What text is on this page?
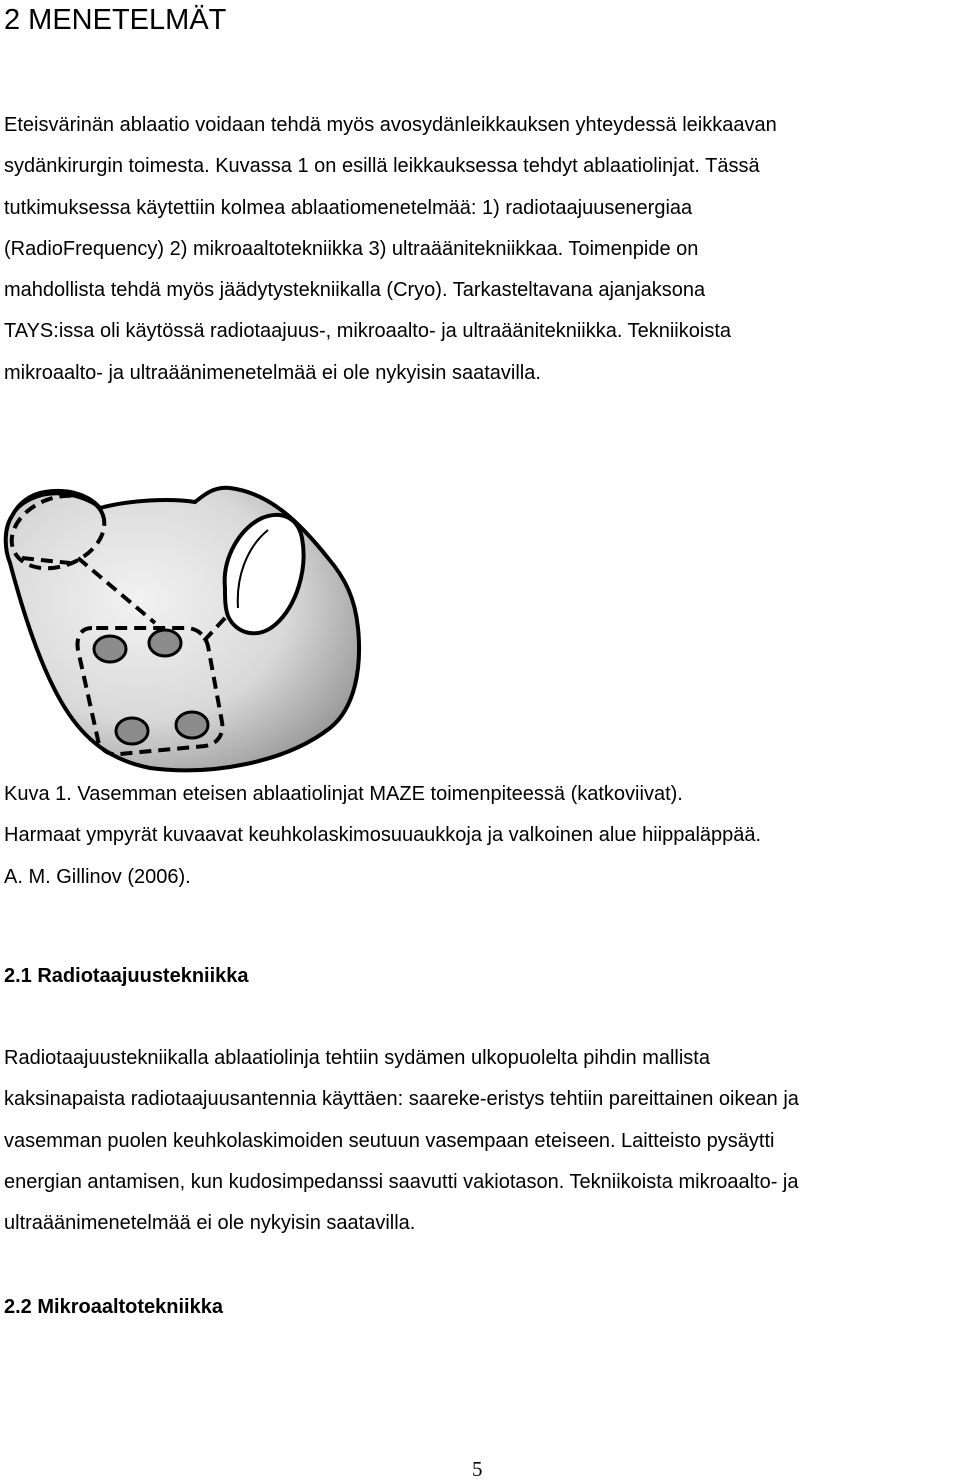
2 MENETELMÄT

Eteisvärinän ablaatio voidaan tehdä myös avosydänleikkauksen yhteydessä leikkaavan
sydänkirurgin toimesta. Kuvassa 1 on esillä leikkauksessa tehdyt ablaatiolinjat. Tässä
tutkimuksessa käytettiin kolmea ablaatiomenetelmää: 1) radiotaajuusenergiaa
(RadioFrequency) 2) mikroaaltotekniikka 3) ultraäänitekniikkaa. Toimenpide on
mahdollista tehdä myös jäädytystekniikalla (Cryo). Tarkasteltavana ajanjaksona
TAYS:issa oli käytössä radiotaajuus-, mikroaalto- ja ultraäänitekniikka. Tekniikoista
mikroaalto- ja ultraäänimenetelmää ei ole nykyisin saatavilla.

Kuva 1. Vasemman eteisen ablaatiolinjat MAZE toimenpiteessä (katkoviivat).
Harmaat ympyrät kuvaavat keuhkolaskimosuuaukkoja ja valkoinen alue hiippaläppää.
A. M. Gillinov (2006).

2.1 Radiotaajuustekniikka

Radiotaajuustekniikalla ablaatiolinja tehtiin sydämen ulkopuolelta pihdin mallista
kaksinapaista radiotaajuusantennia käyttäen: saareke-eristys tehtiin pareittainen oikean ja
vasemman puolen keuhkolaskimoiden seutuun vasempaan eteiseen. Laitteisto pysäytti
energian antamisen, kun kudosimpedanssi saavutti vakiotason. Tekniikoista mikroaalto- ja
ultraäänimenetelmää ei ole nykyisin saatavilla.

2.2 Mikroaaltotekniikka
5
